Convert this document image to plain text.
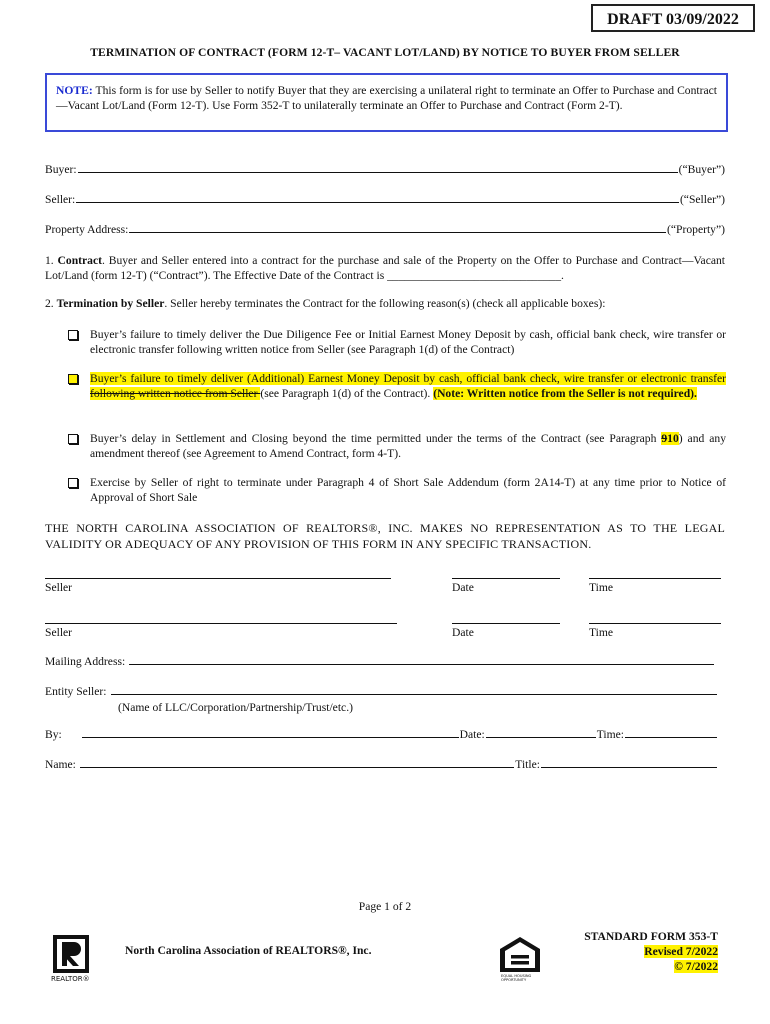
DRAFT 03/09/2022
TERMINATION OF CONTRACT (FORM 12-T– VACANT LOT/LAND) BY NOTICE TO BUYER FROM SELLER
NOTE: This form is for use by Seller to notify Buyer that they are exercising a unilateral right to terminate an Offer to Purchase and Contract—Vacant Lot/Land (Form 12-T). Use Form 352-T to unilaterally terminate an Offer to Purchase and Contract (Form 2-T).
Buyer:	(“Buyer”)
Seller:	(“Seller”)
Property Address:	(“Property”)
1. Contract. Buyer and Seller entered into a contract for the purchase and sale of the Property on the Offer to Purchase and Contract—Vacant Lot/Land (form 12-T) (“Contract”). The Effective Date of the Contract is ______________________________.
2. Termination by Seller. Seller hereby terminates the Contract for the following reason(s) (check all applicable boxes):
Buyer’s failure to timely deliver the Due Diligence Fee or Initial Earnest Money Deposit by cash, official bank check, wire transfer or electronic transfer following written notice from Seller (see Paragraph 1(d) of the Contract)
Buyer’s failure to timely deliver (Additional) Earnest Money Deposit by cash, official bank check, wire transfer or electronic transfer following written notice from Seller (see Paragraph 1(d) of the Contract). (Note: Written notice from the Seller is not required).
Buyer’s delay in Settlement and Closing beyond the time permitted under the terms of the Contract (see Paragraph 910) and any amendment thereof (see Agreement to Amend Contract, form 4-T).
Exercise by Seller of right to terminate under Paragraph 4 of Short Sale Addendum (form 2A14-T) at any time prior to Notice of Approval of Short Sale
THE NORTH CAROLINA ASSOCIATION OF REALTORS®, INC. MAKES NO REPRESENTATION AS TO THE LEGAL VALIDITY OR ADEQUACY OF ANY PROVISION OF THIS FORM IN ANY SPECIFIC TRANSACTION.
Seller	Date	Time
Seller	Date	Time
Mailing Address:
Entity Seller:
(Name of LLC/Corporation/Partnership/Trust/etc.)
By:	Date:	Time:
Name:	Title:
Page 1 of 2
REALTOR®
North Carolina Association of REALTORS®, Inc.
EQUAL HOUSING
OPPORTUNITY
STANDARD FORM 353-T
Revised 7/2022
© 7/2022
